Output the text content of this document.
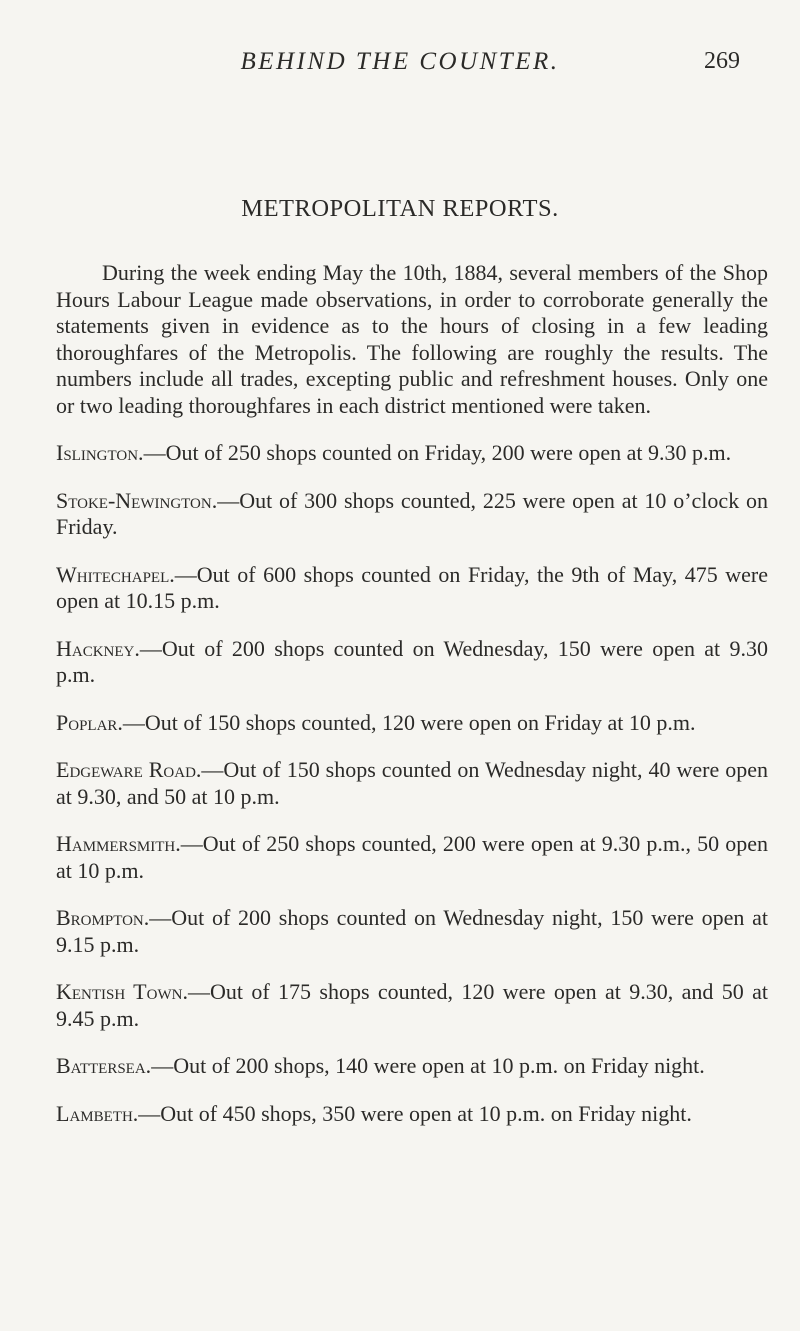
BEHIND THE COUNTER.	269
METROPOLITAN REPORTS.

During the week ending May the 10th, 1884, several members of the Shop Hours Labour League made observations, in order to corroborate generally the statements given in evidence as to the hours of closing in a few leading thoroughfares of the Metropolis. The following are roughly the results. The numbers include all trades, excepting public and refreshment houses. Only one or two leading thoroughfares in each district mentioned were taken.

Islington.—Out of 250 shops counted on Friday, 200 were open at 9.30 p.m.

Stoke-Newington.—Out of 300 shops counted, 225 were open at 10 o’clock on Friday.

Whitechapel.—Out of 600 shops counted on Friday, the 9th of May, 475 were open at 10.15 p.m.

Hackney.—Out of 200 shops counted on Wednesday, 150 were open at 9.30 p.m.

Poplar.—Out of 150 shops counted, 120 were open on Friday at 10 p.m.

Edgeware Road.—Out of 150 shops counted on Wednesday night, 40 were open at 9.30, and 50 at 10 p.m.

Hammersmith.—Out of 250 shops counted, 200 were open at 9.30 p.m., 50 open at 10 p.m.

Brompton.—Out of 200 shops counted on Wednesday night, 150 were open at 9.15 p.m.

Kentish Town.—Out of 175 shops counted, 120 were open at 9.30, and 50 at 9.45 p.m.

Battersea.—Out of 200 shops, 140 were open at 10 p.m. on Friday night.

Lambeth.—Out of 450 shops, 350 were open at 10 p.m. on Friday night.
